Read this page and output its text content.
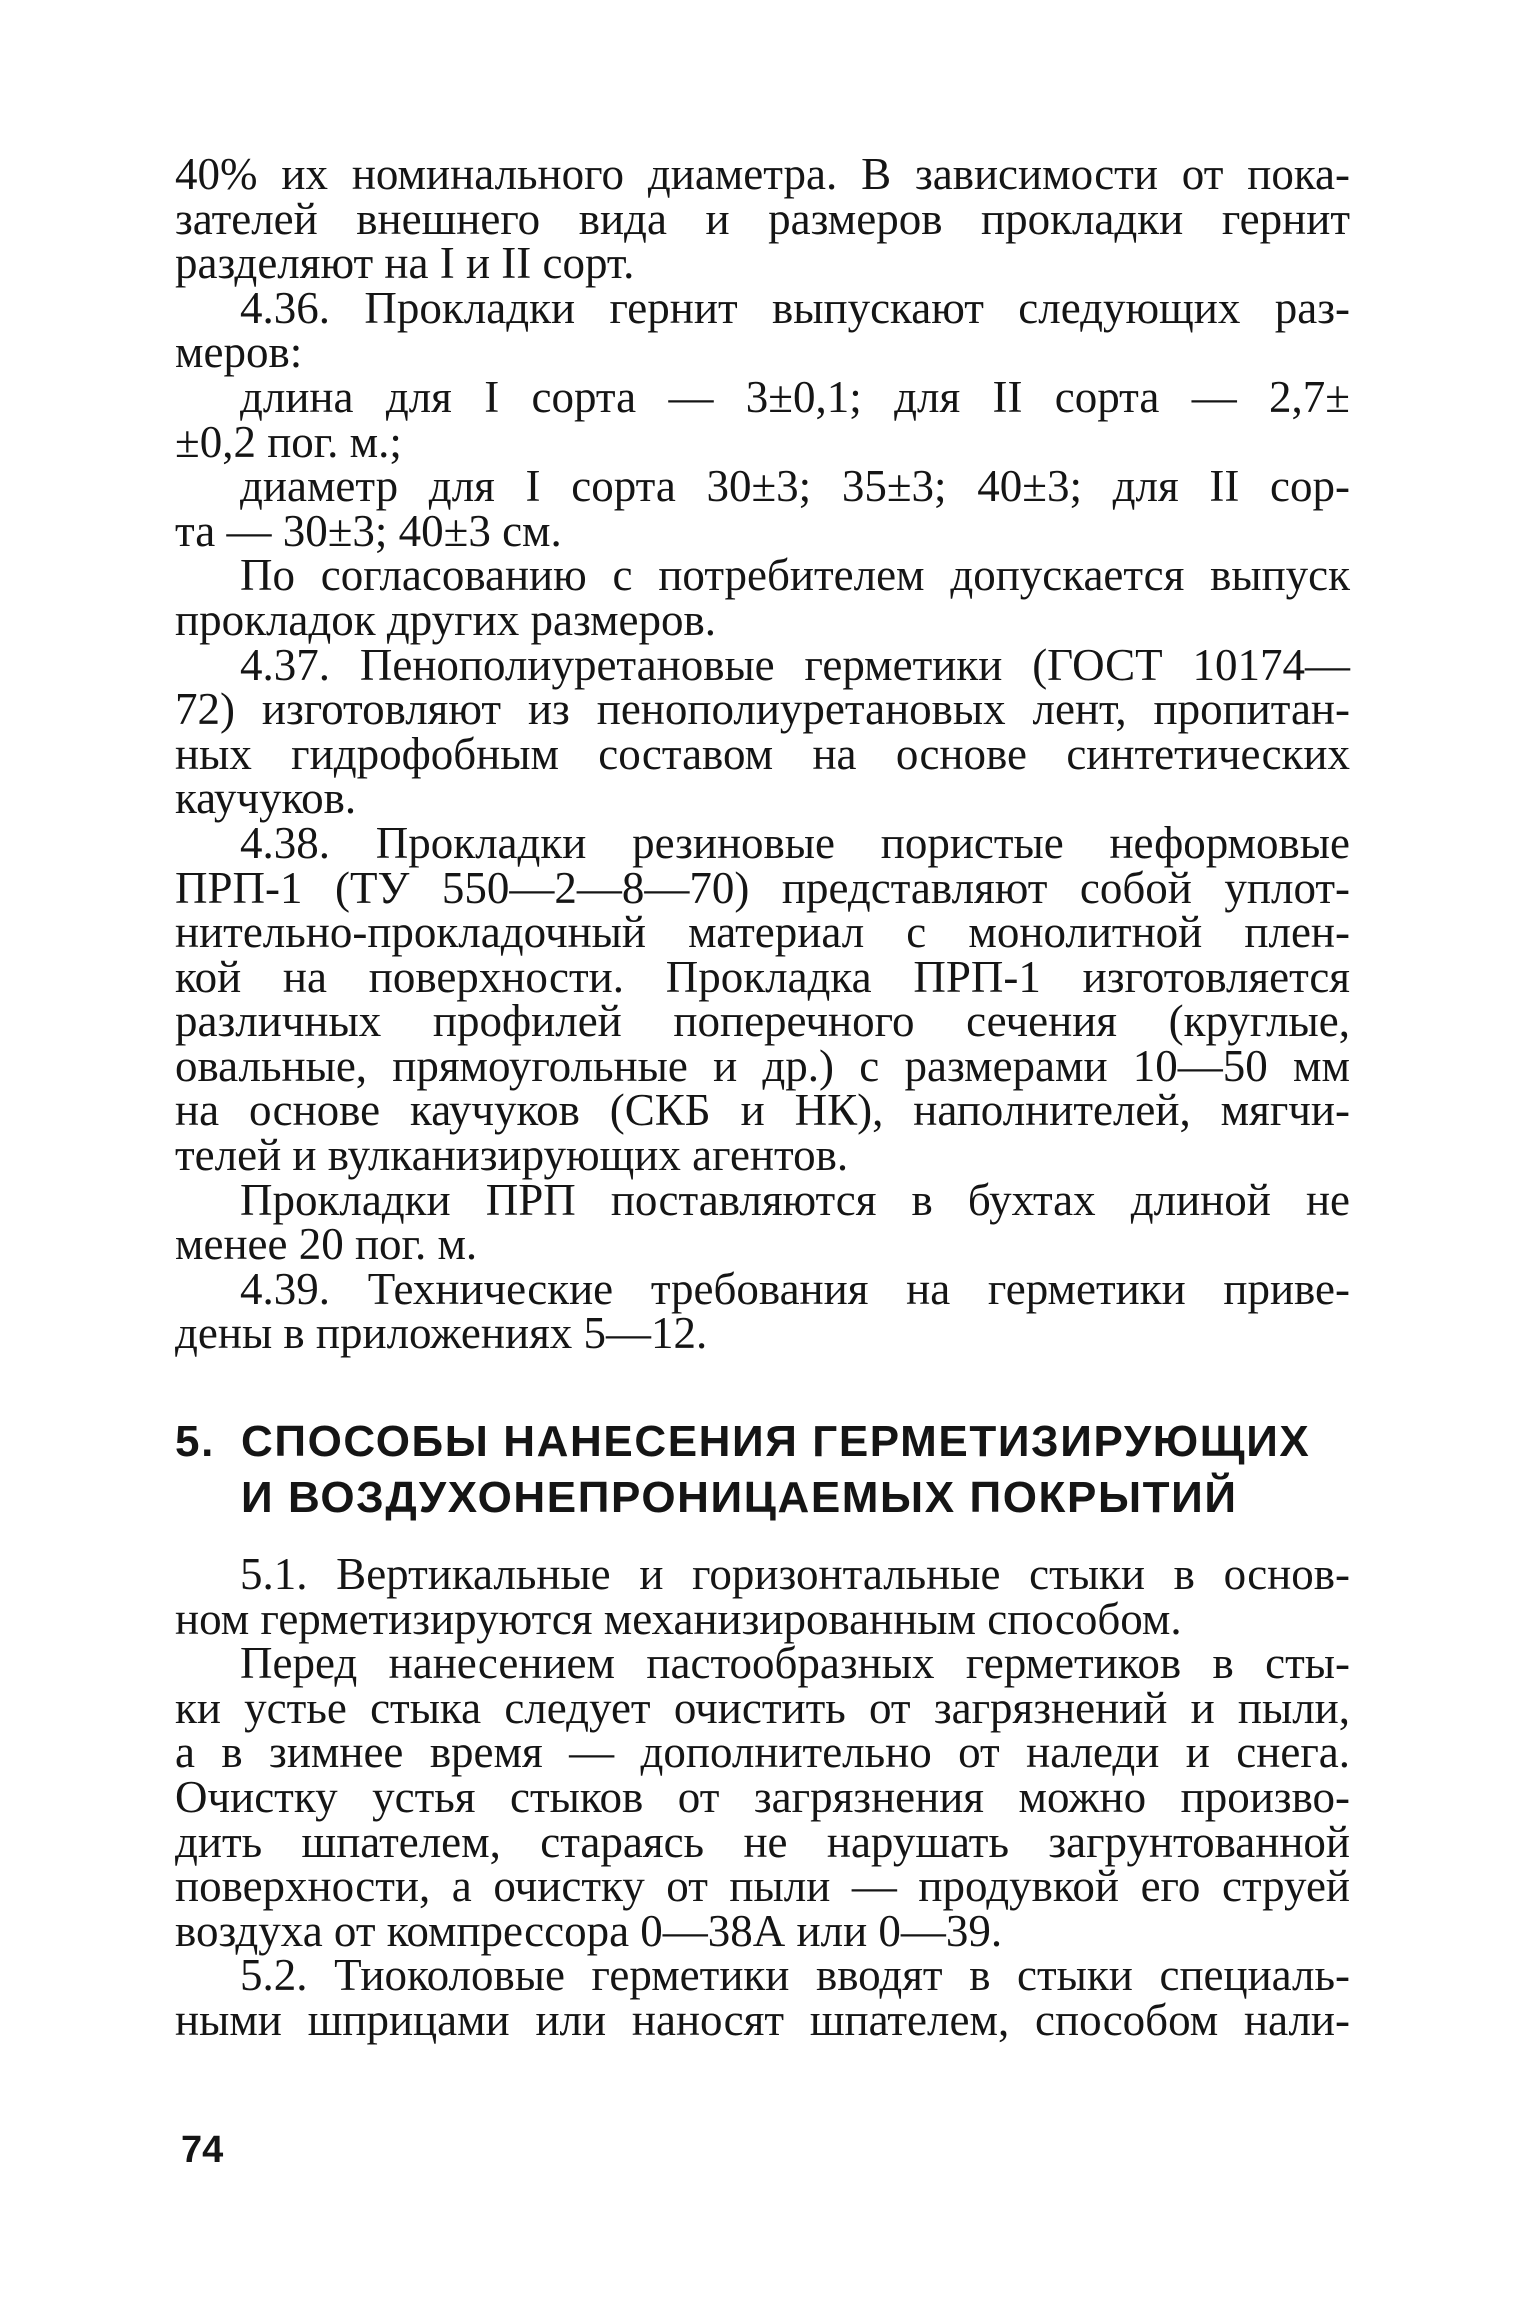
40% их номинального диаметра. В зависимости от пока-
зателей внешнего вида и размеров прокладки гернит
разделяют на I и II сорт.

4.36. Прокладки гернит выпускают следующих раз-
меров:

длина для I сорта — 3±0,1; для II сорта — 2,7±
±0,2 пог. м.;

диаметр для I сорта 30±3; 35±3; 40±3; для II сор-
та — 30±3; 40±3 см.

По согласованию с потребителем допускается выпуск
прокладок других размеров.

4.37. Пенополиуретановые герметики (ГОСТ 10174—
72) изготовляют из пенополиуретановых лент, пропитан-
ных гидрофобным составом на основе синтетических
каучуков.

4.38. Прокладки резиновые пористые неформовые
ПРП-1 (ТУ 550—2—8—70) представляют собой уплот-
нительно-прокладочный материал с монолитной плен-
кой на поверхности. Прокладка ПРП-1 изготовляется
различных профилей поперечного сечения (круглые,
овальные, прямоугольные и др.) с размерами 10—50 мм
на основе каучуков (СКБ и НК), наполнителей, мягчи-
телей и вулканизирующих агентов.

Прокладки ПРП поставляются в бухтах длиной не
менее 20 пог. м.

4.39. Технические требования на герметики приве-
дены в приложениях 5—12.

5. СПОСОБЫ НАНЕСЕНИЯ ГЕРМЕТИЗИРУЮЩИХ
И ВОЗДУХОНЕПРОНИЦАЕМЫХ ПОКРЫТИЙ

5.1. Вертикальные и горизонтальные стыки в основ-
ном герметизируются механизированным способом.

Перед нанесением пастообразных герметиков в сты-
ки устье стыка следует очистить от загрязнений и пыли,
а в зимнее время — дополнительно от наледи и снега.
Очистку устья стыков от загрязнения можно произво-
дить шпателем, стараясь не нарушать загрунтованной
поверхности, а очистку от пыли — продувкой его струей
воздуха от компрессора 0—38А или 0—39.

5.2. Тиоколовые герметики вводят в стыки специаль-
ными шприцами или наносят шпателем, способом нали-

74
